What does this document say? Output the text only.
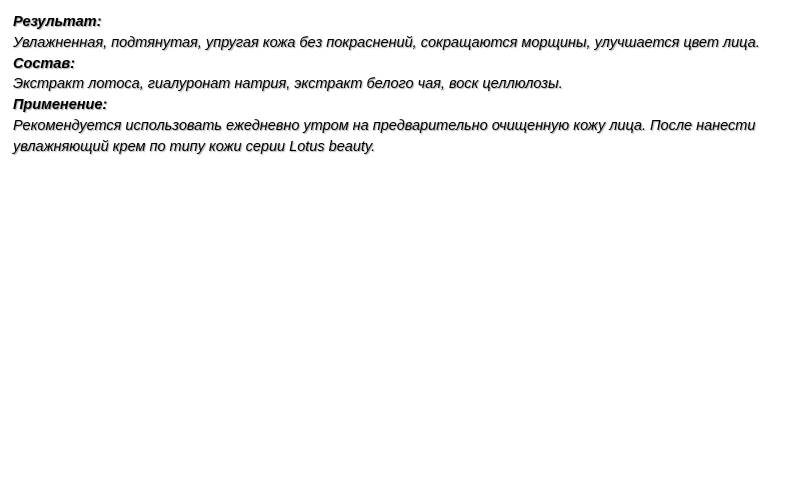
Результат:
Увлажненная, подтянутая, упругая кожа без покраснений, сокращаются морщины, улучшается цвет лица.
Состав:
Экстракт лотоса, гиалуронат натрия, экстракт белого чая, воск целлюлозы.
Применение:
Рекомендуется использовать ежедневно утром на предварительно очищенную кожу лица. После нанести увлажняющий крем по типу кожи серии Lotus beauty.
